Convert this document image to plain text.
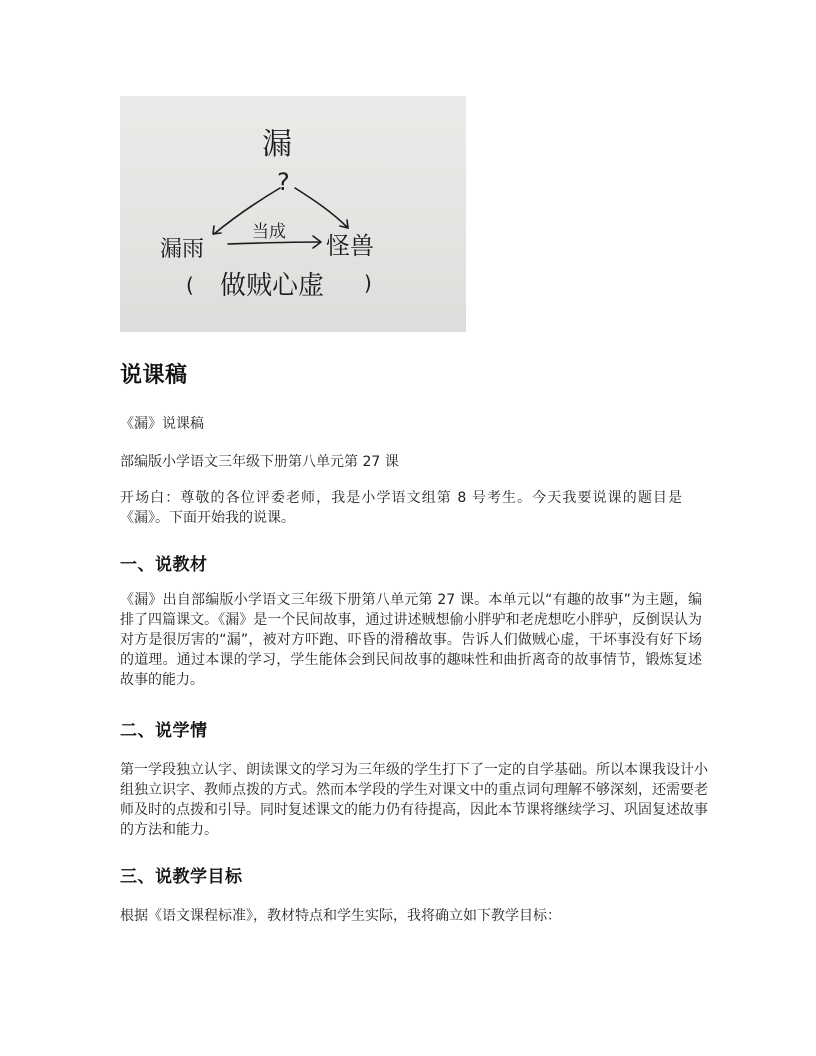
漏
?
漏雨
当成 怪兽
( 做贼心虚 )
说课稿

《漏》说课稿

部编版小学语文三年级下册第八单元第 27 课

开场白：尊敬的各位评委老师，我是小学语文组第 8 号考生。今天我要说课的题目是《漏》。下面开始我的说课。

一、说教材

《漏》出自部编版小学语文三年级下册第八单元第 27 课。本单元以“有趣的故事”为主题，编排了四篇课文。《漏》是一个民间故事，通过讲述贼想偷小胖驴和老虎想吃小胖驴，反倒误认为对方是很厉害的“漏”，被对方吓跑、吓昏的滑稽故事。告诉人们做贼心虚，干坏事没有好下场的道理。通过本课的学习，学生能体会到民间故事的趣味性和曲折离奇的故事情节，锻炼复述故事的能力。

二、说学情

第一学段独立认字、朗读课文的学习为三年级的学生打下了一定的自学基础。所以本课我设计小组独立识字、教师点拨的方式。然而本学段的学生对课文中的重点词句理解不够深刻，还需要老师及时的点拨和引导。同时复述课文的能力仍有待提高，因此本节课将继续学习、巩固复述故事的方法和能力。

三、说教学目标

根据《语文课程标准》，教材特点和学生实际，我将确立如下教学目标：
